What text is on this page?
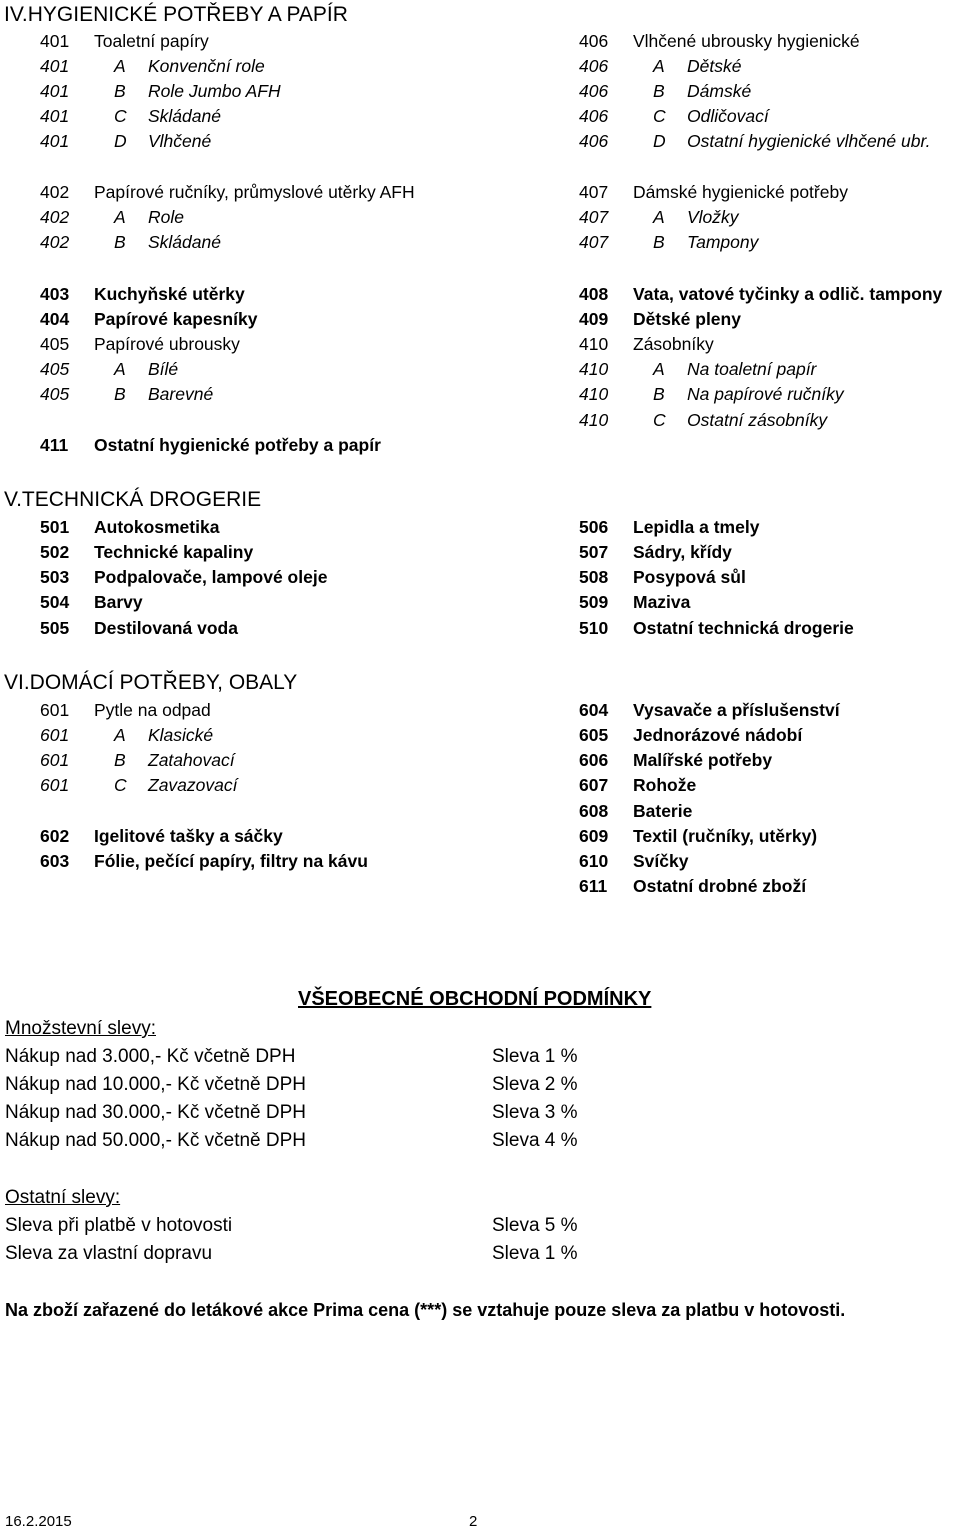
IV.HYGIENICKÉ POTŘEBY A PAPÍR
V.TECHNICKÁ DROGERIE
VI.DOMÁCÍ POTŘEBY, OBALY
401 Toaletní papíry
401	A Konvenční role
401	B Role Jumbo AFH
401	C Skládané
401	D Vlhčené
406 Vlhčené ubrousky hygienické
406	A Dětské
406	B Dámské
406	C Odličovací
406	D Ostatní hygienické vlhčené ubr.
402 Papírové ručníky, průmyslové utěrky AFH
402	A Role
402	B Skládané
407 Dámské hygienické potřeby
407	A Vložky
407	B Tampony
403 Kuchyňské utěrky
404 Papírové kapesníky
405 Papírové ubrousky
405	A Bílé
405	B Barevné
411 Ostatní hygienické potřeby a papír
408 Vata, vatové tyčinky a odlič. tampony
409 Dětské pleny
410 Zásobníky
410	A Na toaletní papír
410	B Na papírové ručníky
410	C Ostatní zásobníky
501 Autokosmetika
502 Technické kapaliny
503 Podpalovače, lampové oleje
504 Barvy
505 Destilovaná voda
506 Lepidla a tmely
507 Sádry, křídy
508 Posypová sůl
509 Maziva
510 Ostatní technická drogerie
601 Pytle na odpad
601	A Klasické
601	B Zatahovací
601	C Zavazovací
602 Igelitové tašky a sáčky
603 Fólie, pečící papíry, filtry na kávu
604 Vysavače a příslušenství
605 Jednorázové nádobí
606 Malířské potřeby
607 Rohože
608 Baterie
609 Textil (ručníky, utěrky)
610 Svíčky
611 Ostatní drobné zboží
VŠEOBECNÉ OBCHODNÍ PODMÍNKY
Množstevní slevy:
Nákup nad 3.000,- Kč včetně DPH	Sleva 1 %
Nákup nad 10.000,- Kč včetně DPH	Sleva 2 %
Nákup nad 30.000,- Kč včetně DPH	Sleva 3 %
Nákup nad 50.000,- Kč včetně DPH	Sleva 4 %
Ostatní slevy:
Sleva při platbě v hotovosti	Sleva 5 %
Sleva za vlastní dopravu	Sleva 1 %
Na zboží zařazené do letákové akce Prima cena (***) se vztahuje pouze sleva za platbu v hotovosti.
16.2.2015	2
